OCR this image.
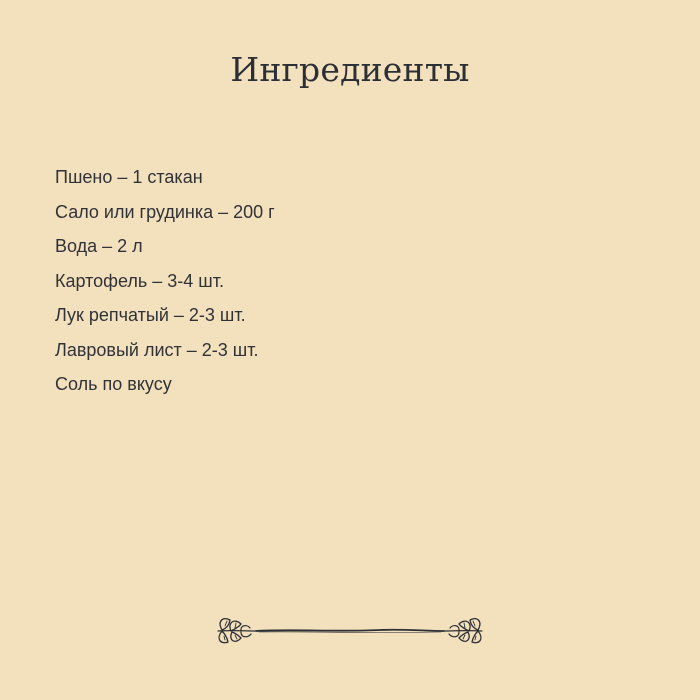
Ингредиенты
Пшено – 1 стакан
Сало или грудинка – 200 г
Вода – 2 л
Картофель – 3-4 шт.
Лук репчатый – 2-3 шт.
Лавровый лист – 2-3 шт.
Соль по вкусу
